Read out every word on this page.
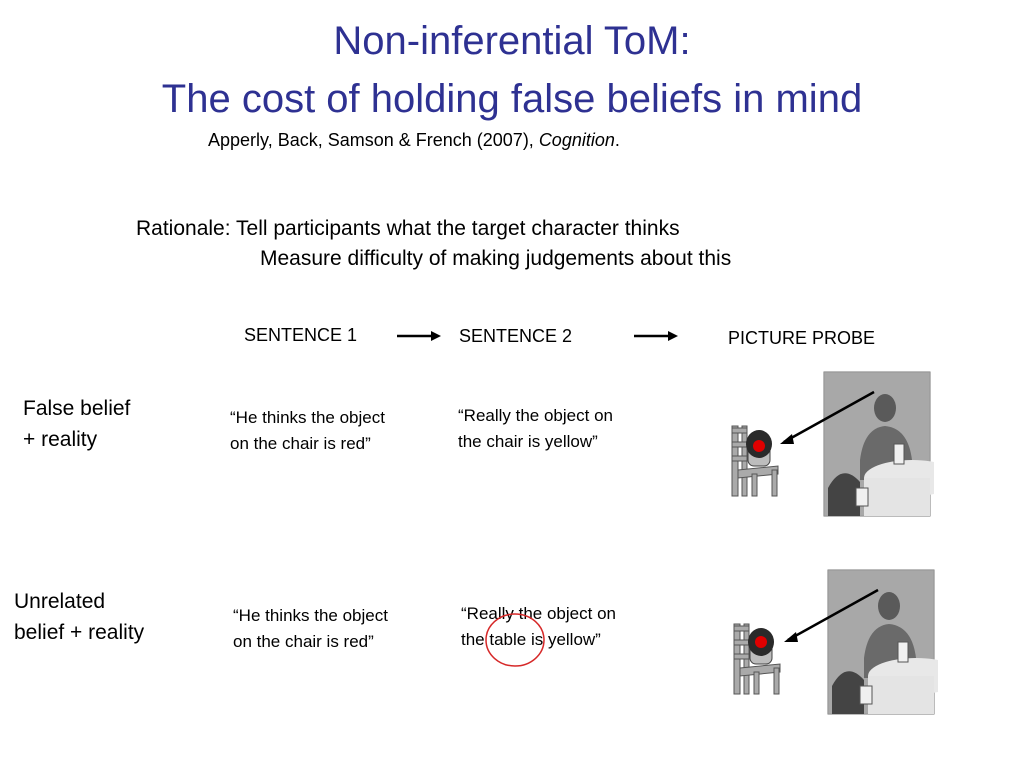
Non-inferential ToM:
The cost of holding false beliefs in mind
Apperly, Back, Samson & French (2007), Cognition.
Rationale: Tell participants what the target character thinks
Measure difficulty of making judgements about this
SENTENCE 1	SENTENCE 2	PICTURE PROBE
False belief
+ reality
“He thinks the object
on the chair is red”
“Really the object on
the chair is yellow”
Unrelated
belief + reality
“He thinks the object
on the chair is red”
“Really the object on
the table is yellow”
